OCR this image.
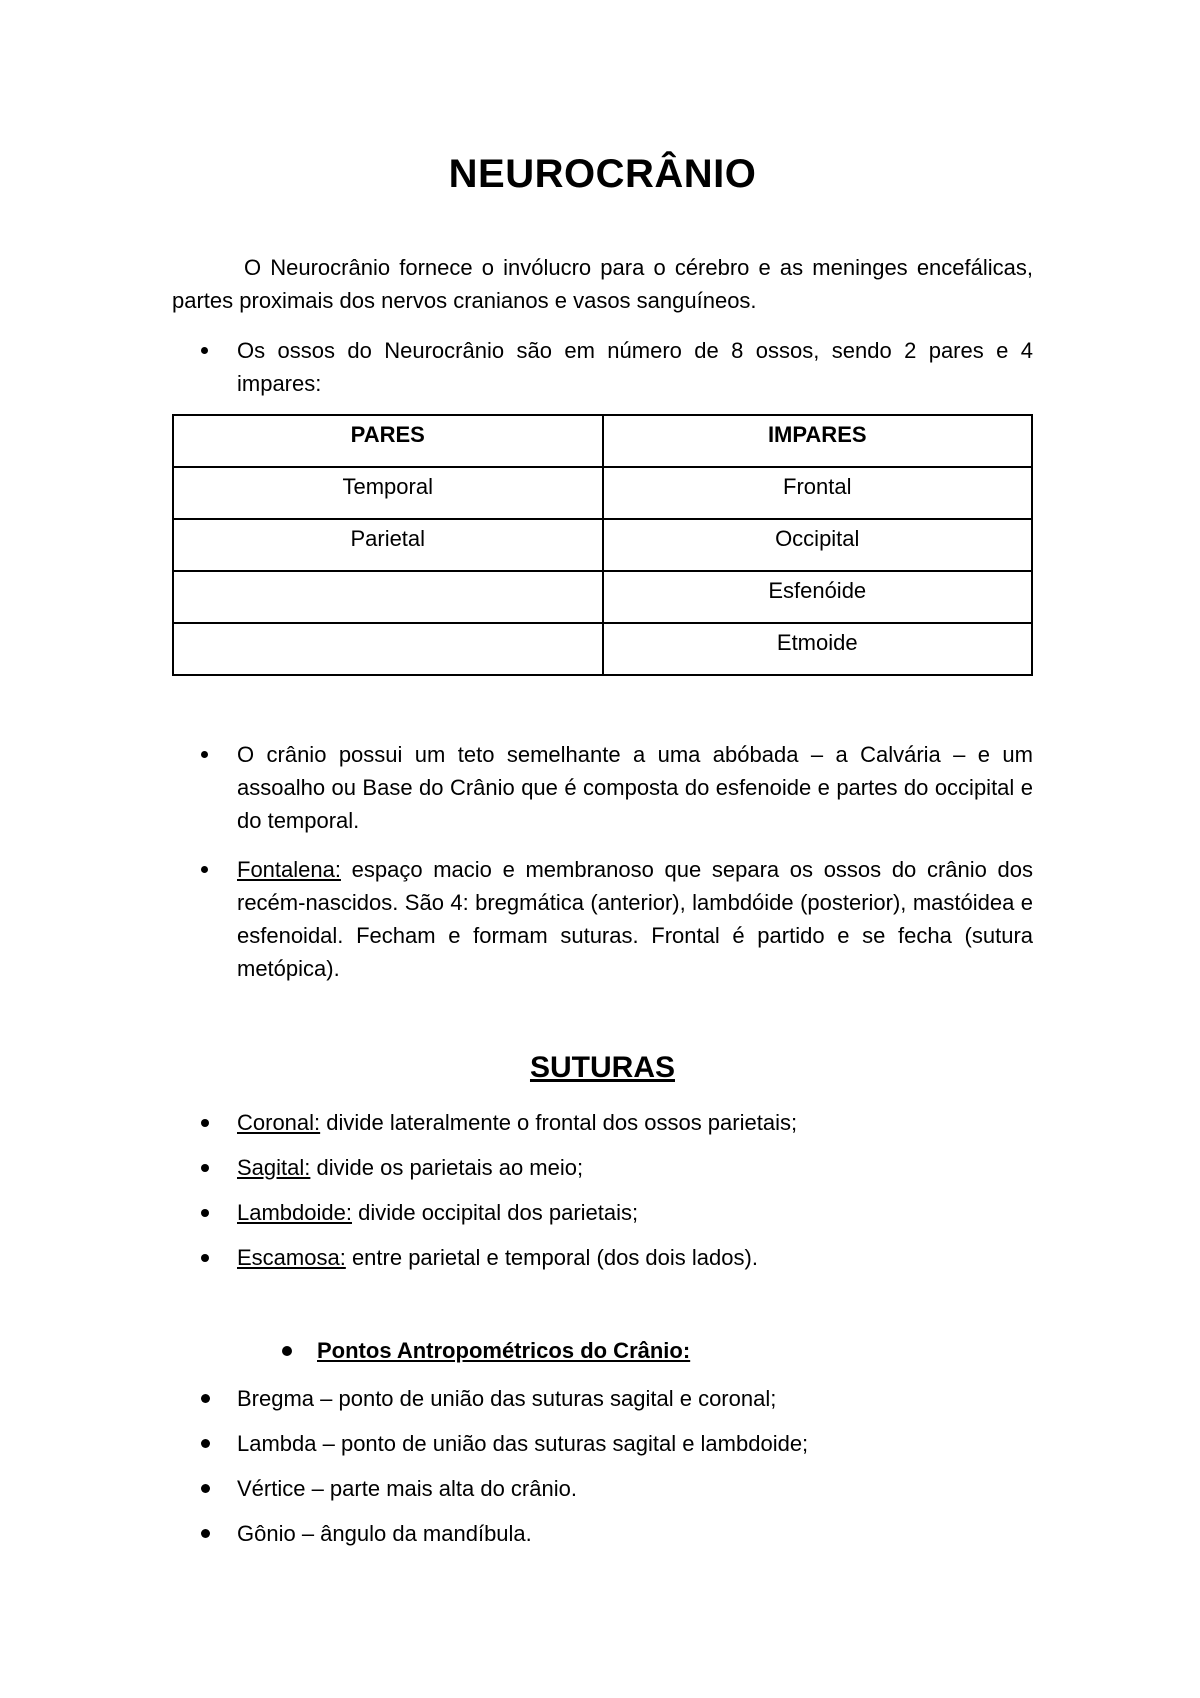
NEUROCRÂNIO

O Neurocrânio fornece o invólucro para o cérebro e as meninges encefálicas, partes proximais dos nervos cranianos e vasos sanguíneos.

Os ossos do Neurocrânio são em número de 8 ossos, sendo 2 pares e 4 impares:
PARES	IMPARES
Temporal	Frontal
Parietal	Occipital
	Esfenóide
	Etmoide
O crânio possui um teto semelhante a uma abóbada – a Calvária – e um assoalho ou Base do Crânio que é composta do esfenoide e partes do occipital e do temporal.
Fontalena: espaço macio e membranoso que separa os ossos do crânio dos recém-nascidos. São 4: bregmática (anterior), lambdóide (posterior), mastóidea e esfenoidal. Fecham e formam suturas. Frontal é partido e se fecha (sutura metópica).
SUTURAS
Coronal: divide lateralmente o frontal dos ossos parietais;
Sagital: divide os parietais ao meio;
Lambdoide: divide occipital dos parietais;
Escamosa: entre parietal e temporal (dos dois lados).
Pontos Antropométricos do Crânio:
Bregma – ponto de união das suturas sagital e coronal;
Lambda – ponto de união das suturas sagital e lambdoide;
Vértice – parte mais alta do crânio.
Gônio – ângulo da mandíbula.
